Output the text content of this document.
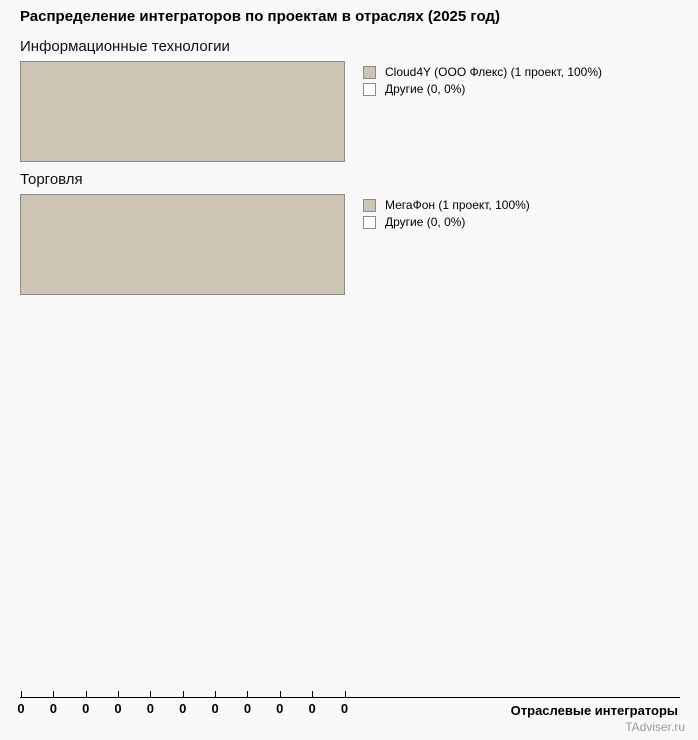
Распределение интеграторов по проектам в отраслях (2025 год)
Информационные технологии
Cloud4Y (ООО Флекс) (1 проект, 100%)
Другие (0, 0%)
Торговля
МегаФон (1 проект, 100%)
Другие (0, 0%)
0 0 0 0 0 0 0 0 0 0 0	Отраслевые интеграторы
TAdviser.ru
